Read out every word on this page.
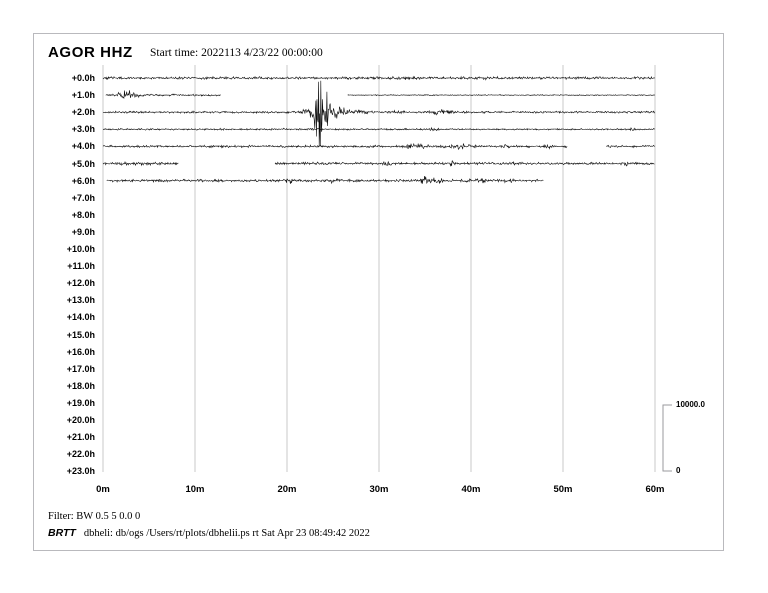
AGOR HHZ Start time: 2022113 4/23/22 00:00:00
+0.0h
+1.0h
+2.0h
+3.0h
+4.0h
+5.0h
+6.0h
+7.0h
+8.0h
+9.0h
+10.0h
+11.0h
+12.0h
+13.0h
+14.0h
+15.0h
+16.0h
+17.0h
+18.0h
+19.0h
+20.0h
+21.0h
+22.0h
+23.0h
0m	10m	20m	30m	40m	50m	60m
10000.0
0
Filter: BW 0.5 5 0.0 0
BRTT dbheli: db/ogs /Users/rt/plots/dbhelii.ps rt Sat Apr 23 08:49:42 2022
